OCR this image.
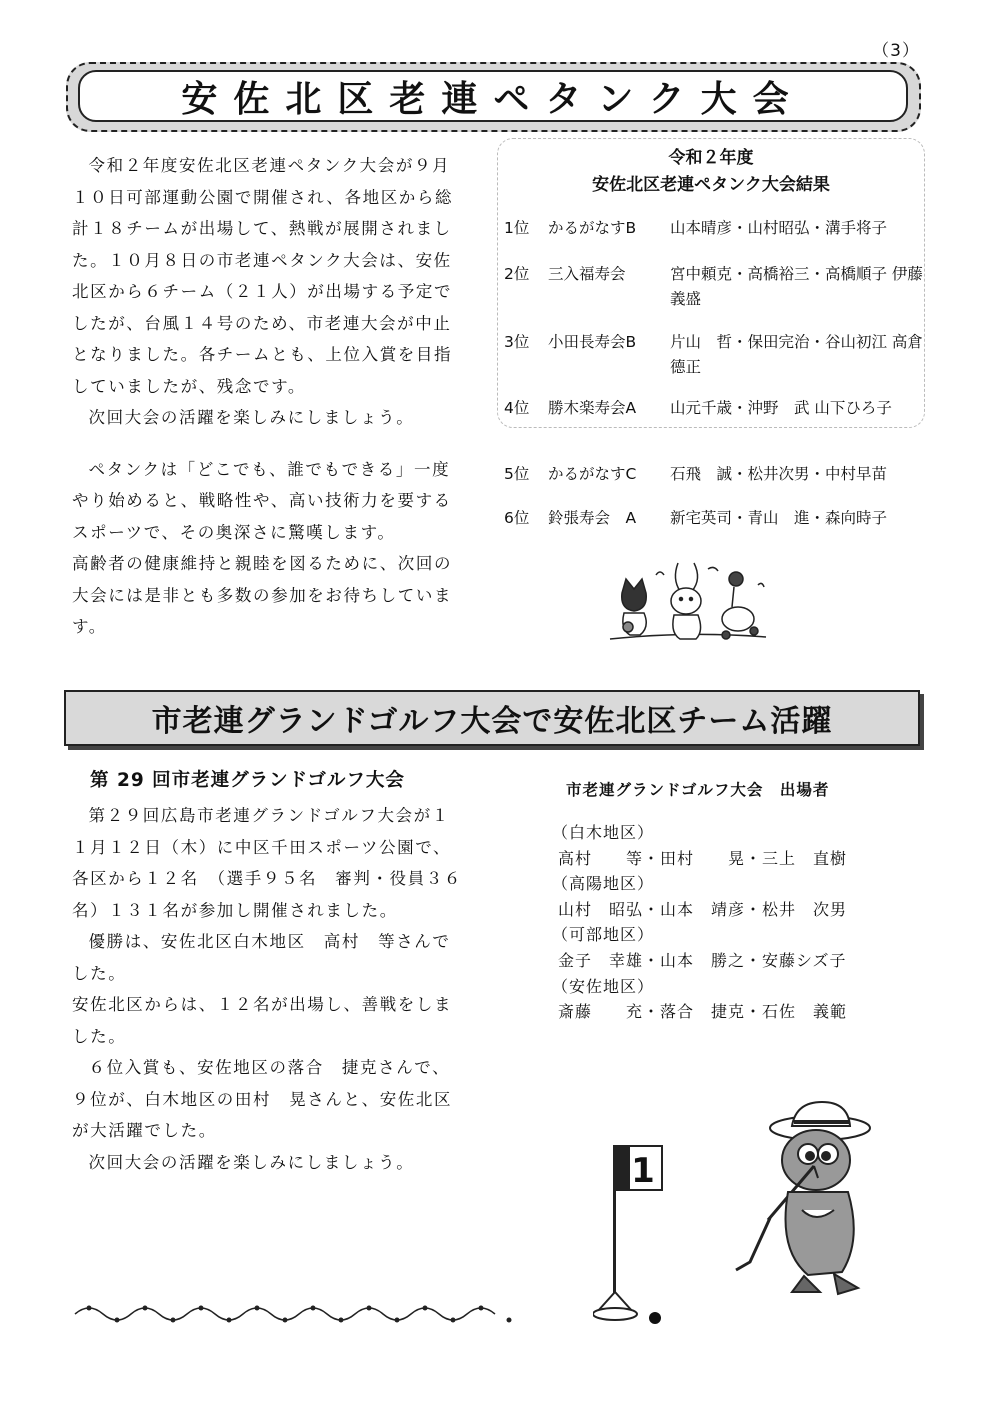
（3）
安佐北区老連ペタンク大会

令和２年度安佐北区老連ペタンク大会が９月１０日可部運動公園で開催され、各地区から総計１８チームが出場して、熱戦が展開されました。１０月８日の市老連ペタンク大会は、安佐北区から６チーム（２１人）が出場する予定でしたが、台風１４号のため、市老連大会が中止となりました。各チームとも、上位入賞を目指していましたが、残念です。

次回大会の活躍を楽しみにしましょう。

ペタンクは「どこでも、誰でもできる」一度やり始めると、戦略性や、高い技術力を要するスポーツで、その奥深さに驚嘆します。

高齢者の健康維持と親睦を図るために、次回の大会には是非とも多数の参加をお待ちしています。

令和２年度
安佐北区老連ペタンク大会結果
1位 かるがなすB 山本晴彦・山村昭弘・溝手将子
2位 三入福寿会	宮中頼克・高橋裕三・高橋順子 伊藤義盛
3位 小田長寿会B 片山　哲・保田完治・谷山初江 高倉德正
4位 勝木楽寿会A 山元千歳・沖野　武 山下ひろ子
5位 かるがなすC 石飛　誠・松井次男・中村早苗
6位 鈴張寿会　A 新宅英司・青山　進・森向時子
市老連グランドゴルフ大会で安佐北区チーム活躍
第 29 回市老連グランドゴルフ大会

第２９回広島市老連グランドゴルフ大会が１１月１２日（木）に中区千田スポーツ公園で、各区から１２名　（選手９５名　審判・役員３６名）１３１名が参加し開催されました。

優勝は、安佐北区白木地区　高村　等さんでした。

安佐北区からは、１２名が出場し、善戦をしました。

６位入賞も、安佐地区の落合　捷克さんで、９位が、白木地区の田村　晃さんと、安佐北区が大活躍でした。

次回大会の活躍を楽しみにしましょう。

市老連グランドゴルフ大会　出場者

（白木地区）

高村　　等・田村　　晃・三上　直樹

（高陽地区）

山村　昭弘・山本　靖彦・松井　次男

（可部地区）

金子　幸雄・山本　勝之・安藤シズ子

（安佐地区）

斎藤　　充・落合　捷克・石佐　義範

1
